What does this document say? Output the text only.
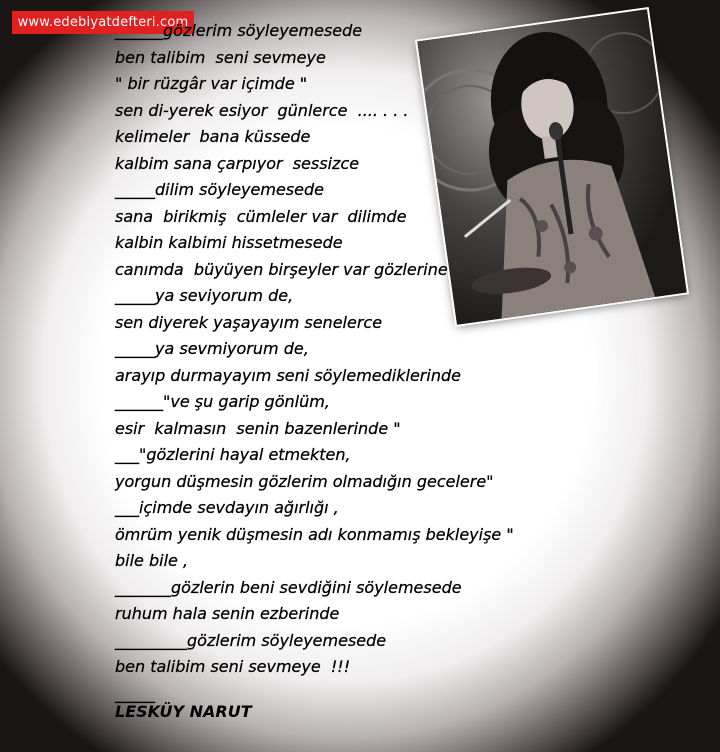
www.edebiyatdefteri.com
______gözlerim söyleyemesede
ben talibim  seni sevmeye
" bir rüzgâr var içimde "
sen di-yerek esiyor  günlerce  .... . . .
kelimeler  bana küssede
kalbim sana çarpıyor  sessizce
_____dilim söyleyemesede
sana  birikmiş  cümleler var  dilimde
kalbin kalbimi hissetmesede
canımda  büyüyen birşeyler var gözlerine
_____ya seviyorum de,
sen diyerek yaşayayım senelerce
_____ya sevmiyorum de,
arayıp durmayayım seni söylemediklerinde
______"ve şu garip gönlüm,
esir  kalmasın  senin bazenlerinde "
___"gözlerini hayal etmekten,
yorgun düşmesin gözlerim olmadığın gecelere"
___içimde sevdayın ağırlığı ,
ömrüm yenik düşmesin adı konmamış bekleyişe "
bile bile ,
_______gözlerin beni sevdiğini söylemesede
ruhum hala senin ezberinde
_________gözlerim söyleyemesede
ben talibim seni sevmeye  !!!
_____
LESKÜY NARUT
